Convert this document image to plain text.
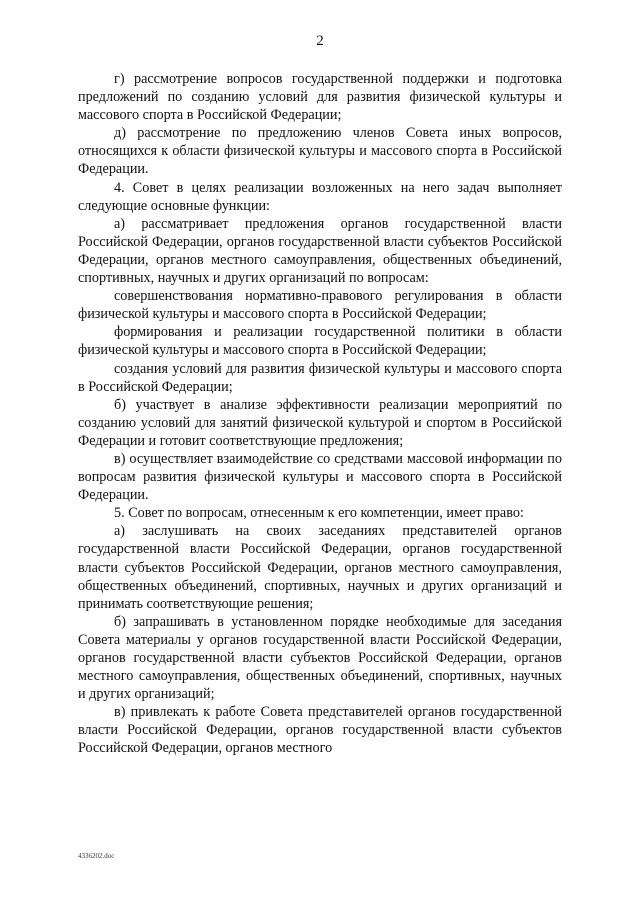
2

г) рассмотрение вопросов государственной поддержки и подготовка предложений по созданию условий для развития физической культуры и массового спорта в Российской Федерации;

д) рассмотрение по предложению членов Совета иных вопросов, относящихся к области физической культуры и массового спорта в Российской Федерации.

4. Совет в целях реализации возложенных на него задач выполняет следующие основные функции:

а) рассматривает предложения органов государственной власти Российской Федерации, органов государственной власти субъектов Российской Федерации, органов местного самоуправления, общественных объединений, спортивных, научных и других организаций по вопросам:

совершенствования нормативно-правового регулирования в области физической культуры и массового спорта в Российской Федерации;

формирования и реализации государственной политики в области физической культуры и массового спорта в Российской Федерации;

создания условий для развития физической культуры и массового спорта в Российской Федерации;

б) участвует в анализе эффективности реализации мероприятий по созданию условий для занятий физической культурой и спортом в Российской Федерации и готовит соответствующие предложения;

в) осуществляет взаимодействие со средствами массовой информации по вопросам развития физической культуры и массового спорта в Российской Федерации.

5. Совет по вопросам, отнесенным к его компетенции, имеет право:

а) заслушивать на своих заседаниях представителей органов государственной власти Российской Федерации, органов государственной власти субъектов Российской Федерации, органов местного самоуправления, общественных объединений, спортивных, научных и других организаций и принимать соответствующие решения;

б) запрашивать в установленном порядке необходимые для заседания Совета материалы у органов государственной власти Российской Федерации, органов государственной власти субъектов Российской Федерации, органов местного самоуправления, общественных объединений, спортивных, научных и других организаций;

в) привлекать к работе Совета представителей органов государственной власти Российской Федерации, органов государственной власти субъектов Российской Федерации, органов местного

4336202.doc
